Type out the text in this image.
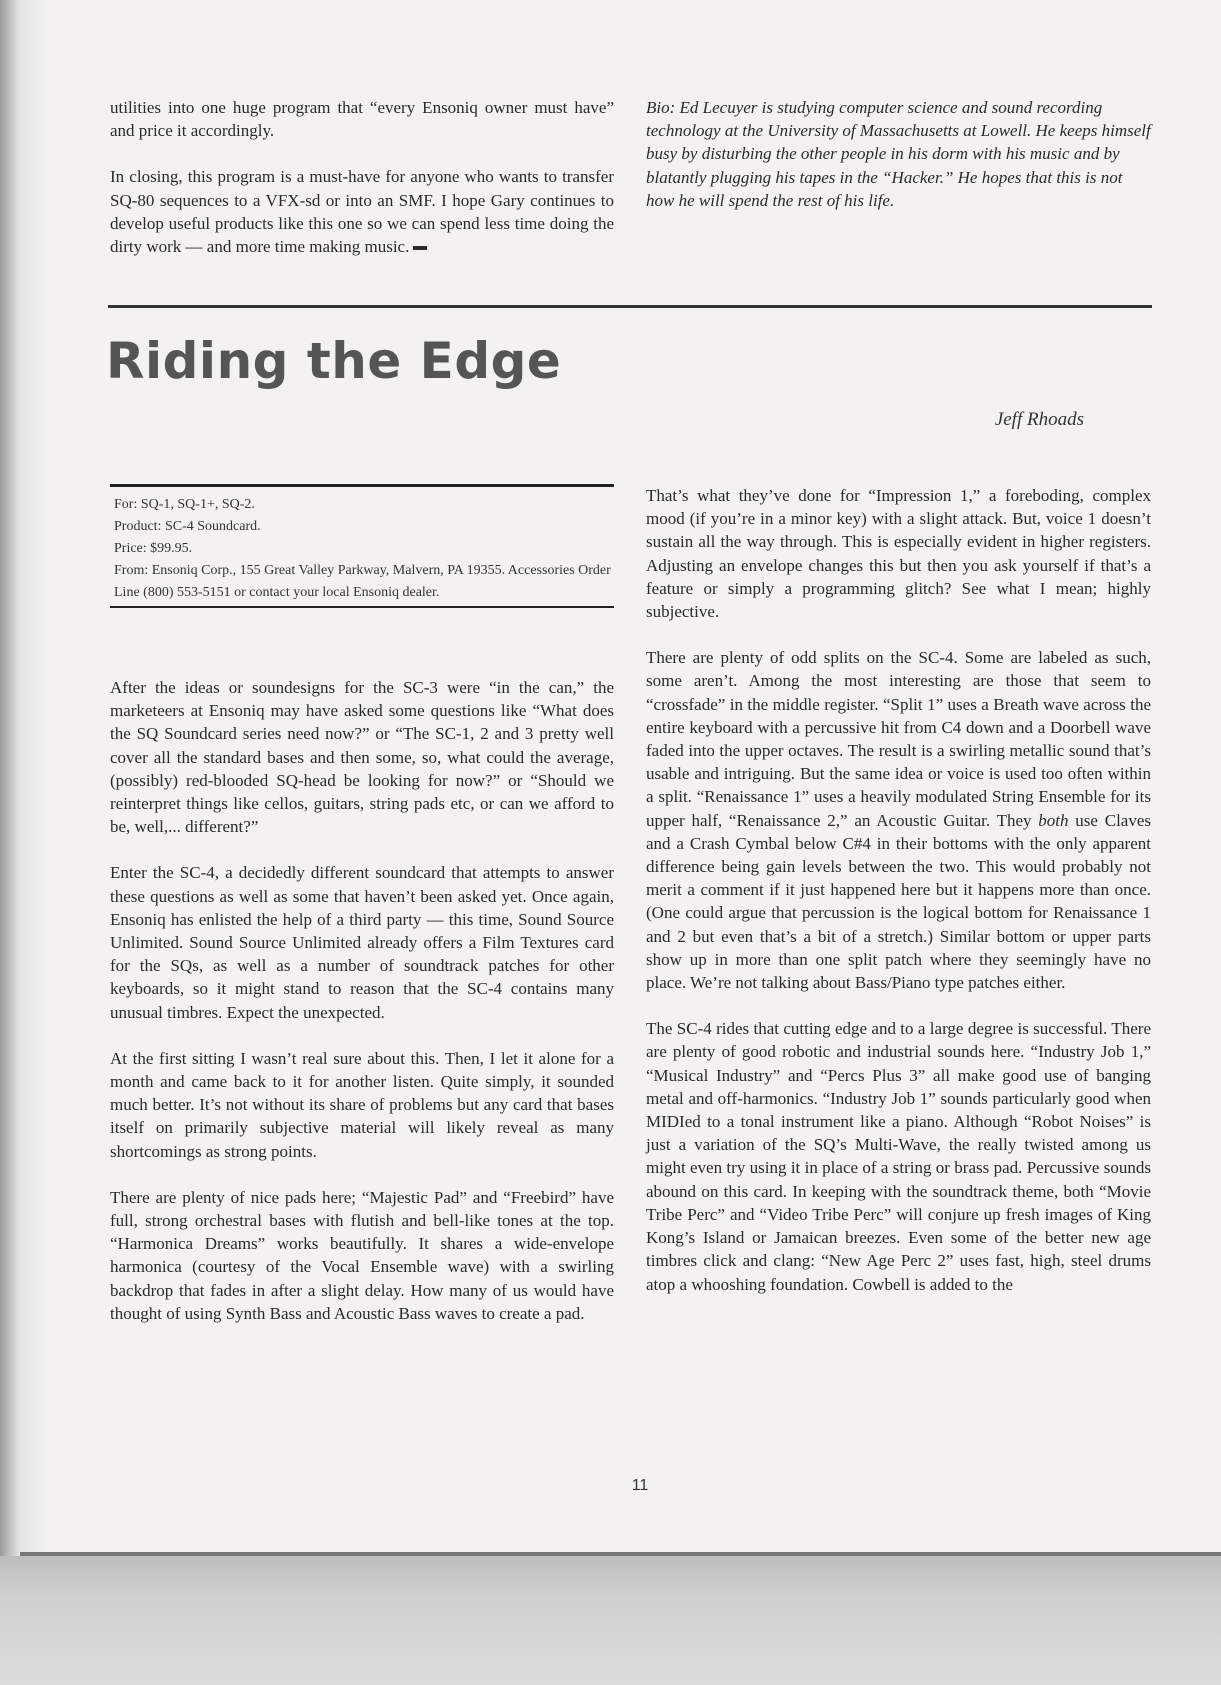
utilities into one huge program that “every Ensoniq owner must have” and price it accordingly.

In closing, this program is a must-have for anyone who wants to transfer SQ-80 sequences to a VFX-sd or into an SMF. I hope Gary continues to develop useful products like this one so we can spend less time doing the dirty work — and more time making music.

Bio: Ed Lecuyer is studying computer science and sound recording technology at the University of Massachusetts at Lowell. He keeps himself busy by disturbing the other people in his dorm with his music and by blatantly plugging his tapes in the “Hacker.” He hopes that this is not how he will spend the rest of his life.

Riding the Edge
Jeff Rhoads
For: SQ-1, SQ-1+, SQ-2.
Product: SC-4 Soundcard.
Price: $99.95.
From: Ensoniq Corp., 155 Great Valley Parkway, Malvern, PA 19355. Accessories Order Line (800) 553-5151 or contact your local Ensoniq dealer.

After the ideas or soundesigns for the SC-3 were “in the can,” the marketeers at Ensoniq may have asked some questions like “What does the SQ Soundcard series need now?” or “The SC-1, 2 and 3 pretty well cover all the standard bases and then some, so, what could the average, (possibly) red-blooded SQ-head be looking for now?” or “Should we reinterpret things like cellos, guitars, string pads etc, or can we afford to be, well,... different?”

Enter the SC-4, a decidedly different soundcard that attempts to answer these questions as well as some that haven’t been asked yet. Once again, Ensoniq has enlisted the help of a third party — this time, Sound Source Unlimited. Sound Source Unlimited already offers a Film Textures card for the SQs, as well as a number of soundtrack patches for other keyboards, so it might stand to reason that the SC-4 contains many unusual timbres. Expect the unexpected.

At the first sitting I wasn’t real sure about this. Then, I let it alone for a month and came back to it for another listen. Quite simply, it sounded much better. It’s not without its share of problems but any card that bases itself on primarily subjective material will likely reveal as many shortcomings as strong points.

There are plenty of nice pads here; “Majestic Pad” and “Freebird” have full, strong orchestral bases with flutish and bell-like tones at the top. “Harmonica Dreams” works beautifully. It shares a wide-envelope harmonica (courtesy of the Vocal Ensemble wave) with a swirling backdrop that fades in after a slight delay. How many of us would have thought of using Synth Bass and Acoustic Bass waves to create a pad.

That’s what they’ve done for “Impression 1,” a foreboding, complex mood (if you’re in a minor key) with a slight attack. But, voice 1 doesn’t sustain all the way through. This is especially evident in higher registers. Adjusting an envelope changes this but then you ask yourself if that’s a feature or simply a programming glitch? See what I mean; highly subjective.

There are plenty of odd splits on the SC-4. Some are labeled as such, some aren’t. Among the most interesting are those that seem to “crossfade” in the middle register. “Split 1” uses a Breath wave across the entire keyboard with a percussive hit from C4 down and a Doorbell wave faded into the upper octaves. The result is a swirling metallic sound that’s usable and intriguing. But the same idea or voice is used too often within a split. “Renaissance 1” uses a heavily modulated String Ensemble for its upper half, “Renaissance 2,” an Acoustic Guitar. They both use Claves and a Crash Cymbal below C#4 in their bottoms with the only apparent difference being gain levels between the two. This would probably not merit a comment if it just happened here but it happens more than once. (One could argue that percussion is the logical bottom for Renaissance 1 and 2 but even that’s a bit of a stretch.) Similar bottom or upper parts show up in more than one split patch where they seemingly have no place. We’re not talking about Bass/Piano type patches either.

The SC-4 rides that cutting edge and to a large degree is successful. There are plenty of good robotic and industrial sounds here. “Industry Job 1,” “Musical Industry” and “Percs Plus 3” all make good use of banging metal and off-harmonics. “Industry Job 1” sounds particularly good when MIDIed to a tonal instrument like a piano. Although “Robot Noises” is just a variation of the SQ’s Multi-Wave, the really twisted among us might even try using it in place of a string or brass pad. Percussive sounds abound on this card. In keeping with the soundtrack theme, both “Movie Tribe Perc” and “Video Tribe Perc” will conjure up fresh images of King Kong’s Island or Jamaican breezes. Even some of the better new age timbres click and clang: “New Age Perc 2” uses fast, high, steel drums atop a whooshing foundation. Cowbell is added to the

11
